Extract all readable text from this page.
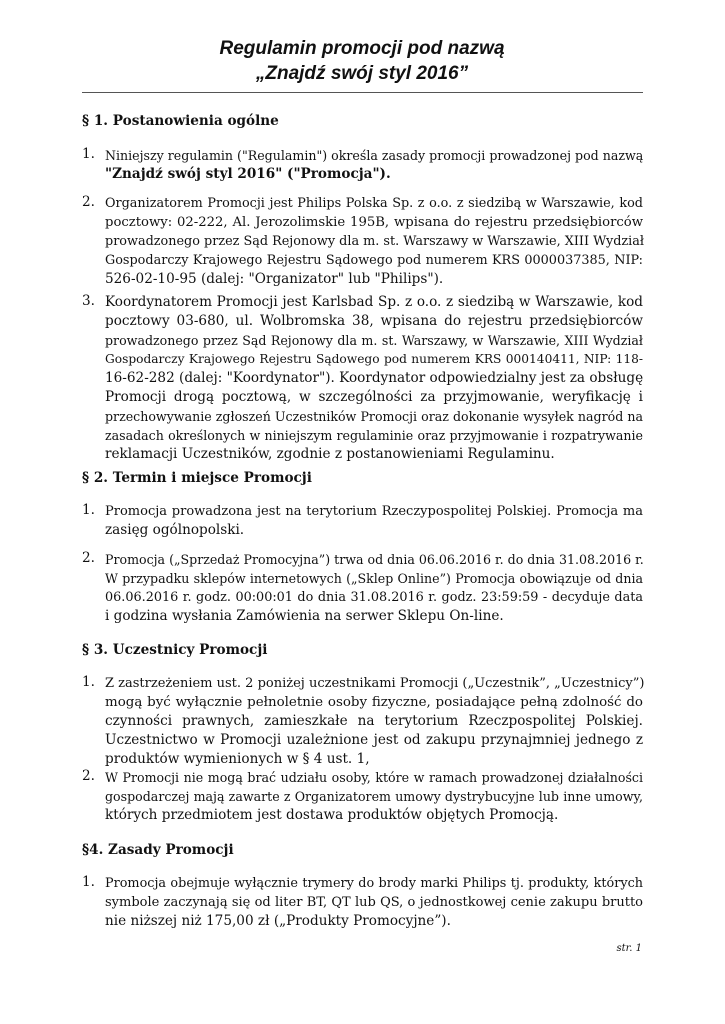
Regulamin promocji pod nazwą
„Znajdź swój styl 2016”
§ 1. Postanowienia ogólne
1. Niniejszy regulamin ("Regulamin") określa zasady promocji prowadzonej pod nazwą
"Znajdź swój styl 2016" ("Promocja").
2. Organizatorem Promocji jest Philips Polska Sp. z o.o. z siedzibą w Warszawie, kod
pocztowy: 02-222, Al. Jerozolimskie 195B, wpisana do rejestru przedsiębiorców
prowadzonego przez Sąd Rejonowy dla m. st. Warszawy w Warszawie, XIII Wydział
Gospodarczy Krajowego Rejestru Sądowego pod numerem KRS 0000037385, NIP:
526-02-10-95 (dalej: "Organizator" lub "Philips").
3. Koordynatorem Promocji jest Karlsbad Sp. z o.o. z siedzibą w Warszawie, kod
pocztowy 03-680, ul. Wolbromska 38, wpisana do rejestru przedsiębiorców
prowadzonego przez Sąd Rejonowy dla m. st. Warszawy, w Warszawie, XIII Wydział
Gospodarczy Krajowego Rejestru Sądowego pod numerem KRS 000140411, NIP: 118-
16-62-282 (dalej: "Koordynator"). Koordynator odpowiedzialny jest za obsługę
Promocji drogą pocztową, w szczególności za przyjmowanie, weryfikację i
przechowywanie zgłoszeń Uczestników Promocji oraz dokonanie wysyłek nagród na
zasadach określonych w niniejszym regulaminie oraz przyjmowanie i rozpatrywanie
reklamacji Uczestników, zgodnie z postanowieniami Regulaminu.
§ 2. Termin i miejsce Promocji
1. Promocja prowadzona jest na terytorium Rzeczypospolitej Polskiej. Promocja ma
zasięg ogólnopolski.
2. Promocja („Sprzedaż Promocyjna”) trwa od dnia 06.06.2016 r. do dnia 31.08.2016 r.
W przypadku sklepów internetowych („Sklep Online”) Promocja obowiązuje od dnia
06.06.2016 r. godz. 00:00:01 do dnia 31.08.2016 r. godz. 23:59:59 - decyduje data
i godzina wysłania Zamówienia na serwer Sklepu On-line.
§ 3. Uczestnicy Promocji
1. Z zastrzeżeniem ust. 2 poniżej uczestnikami Promocji („Uczestnik”, „Uczestnicy”)
mogą być wyłącznie pełnoletnie osoby fizyczne, posiadające pełną zdolność do
czynności prawnych, zamieszkałe na terytorium Rzeczpospolitej Polskiej.
Uczestnictwo w Promocji uzależnione jest od zakupu przynajmniej jednego z
produktów wymienionych w § 4 ust. 1,
2. W Promocji nie mogą brać udziału osoby, które w ramach prowadzonej działalności
gospodarczej mają zawarte z Organizatorem umowy dystrybucyjne lub inne umowy,
których przedmiotem jest dostawa produktów objętych Promocją.
§4. Zasady Promocji
1. Promocja obejmuje wyłącznie trymery do brody marki Philips tj. produkty, których
symbole zaczynają się od liter BT, QT lub QS, o jednostkowej cenie zakupu brutto
nie niższej niż 175,00 zł („Produkty Promocyjne”).
str. 1
